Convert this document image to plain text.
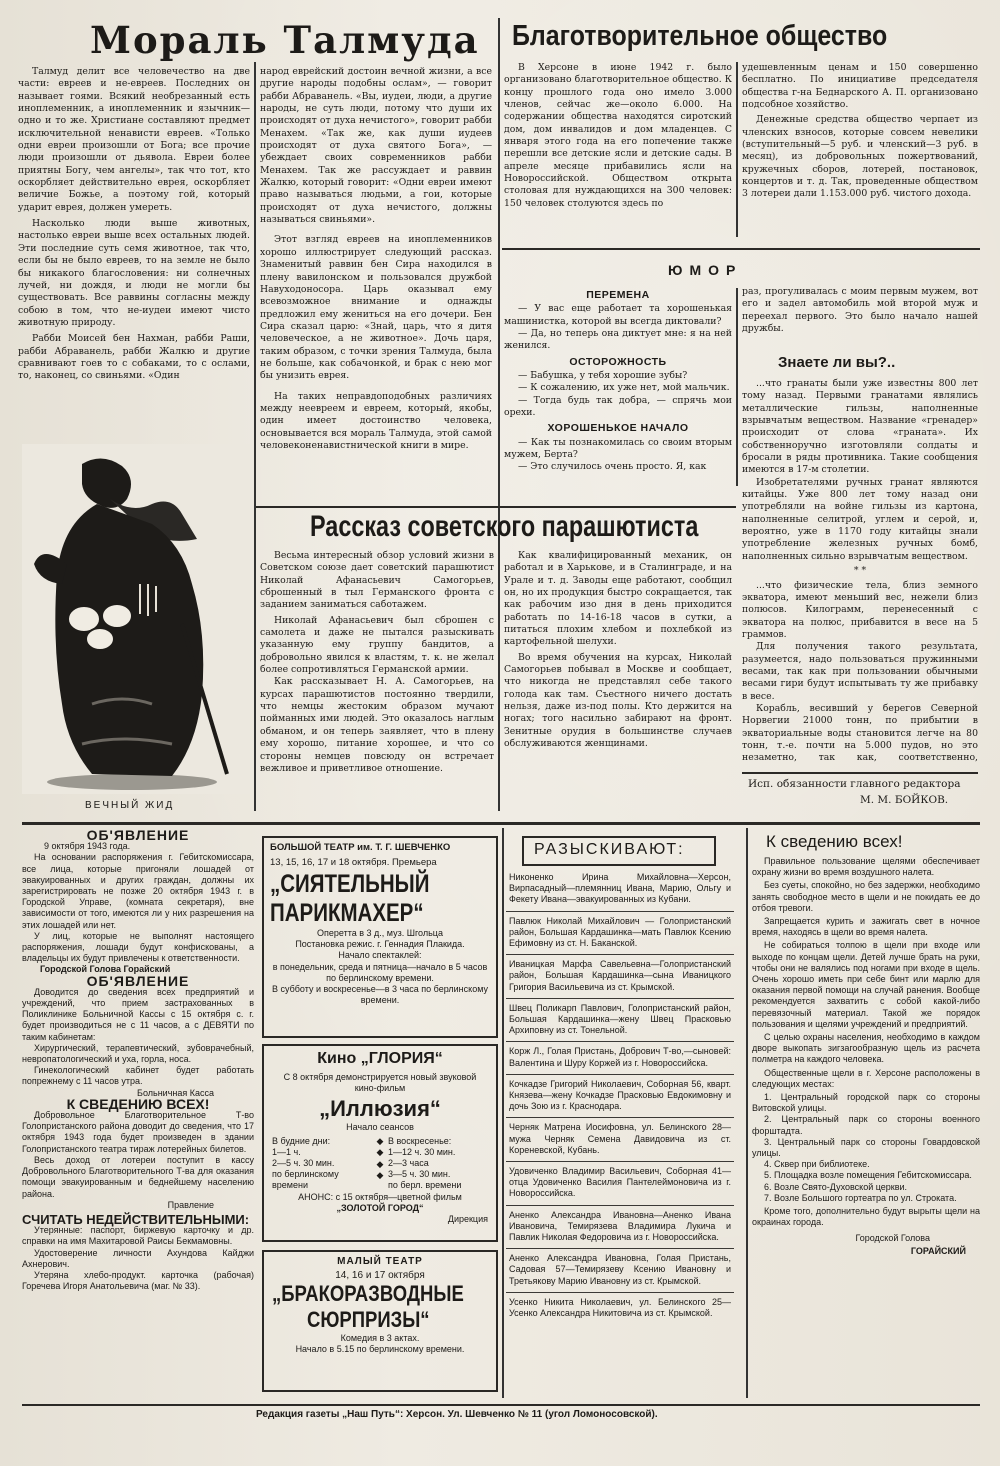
Мораль Талмуда

Талмуд делит все человечество на две части: евреев и не-евреев. Последних он называет гоями. Всякий необрезанный есть иноплеменник, а иноплеменник и язычник—одно и то же. Христиане составляют предмет исключительной ненависти евреев. «Только одни евреи произошли от Бога; все прочие люди произошли от дьявола. Евреи более приятны Богу, чем ангелы», так что тот, кто оскорбляет действительно еврея, оскорбляет величие Божье, а поэтому гой, который ударит еврея, должен умереть.

Насколько люди выше животных, настолько евреи выше всех остальных людей. Эти последние суть семя животное, так что, если бы не было евреев, то на земле не было бы никакого благословения: ни солнечных лучей, ни дождя, и люди не могли бы существовать. Все раввины согласны между собою в том, что не-иудеи имеют чисто животную природу.

Рабби Моисей бен Нахман, рабби Раши, рабби Абраванель, рабби Жалкю и другие сравнивают гоев то с собаками, то с ослами, то, наконец, со свиньями. «Один

народ еврейский достоин вечной жизни, а все другие народы подобны ослам», — говорит рабби Абраванель. «Вы, иудеи, люди, а другие народы, не суть люди, потому что души их происходят от духа нечистого», говорит рабби Менахем. «Так же, как души иудеев происходят от духа святого Бога», — убеждает своих современников рабби Менахем. Так же рассуждает и раввин Жалкю, который говорит: «Одни евреи имеют право называться людьми, а гои, которые происходят от духа нечистого, должны называться свиньями».

Этот взгляд евреев на иноплеменников хорошо иллюстрирует следующий рассказ. Знаменитый раввин бен Сира находился в плену вавилонском и пользовался дружбой Навуходоносора. Царь оказывал ему всевозможное внимание и однажды предложил ему жениться на его дочери. Бен Сира сказал царю: «Знай, царь, что я дитя человеческое, а не животное». Дочь царя, таким образом, с точки зрения Талмуда, была не больше, как собачонкой, и брак с нею мог бы унизить еврея.

На таких неправдоподобных различиях между неевреем и евреем, который, якобы, один имеет достоинство человека, основывается вся мораль Талмуда, этой самой человеконенавистнической книги в мире.

ВЕЧНЫЙ ЖИД
Благотворительное общество

В Херсоне в июне 1942 г. было организовано благотворительное общество. К концу прошлого года оно имело 3.000 членов, сейчас же—около 6.000. На содержании общества находятся сиротский дом, дом инвалидов и дом младенцев. С января этого года на его попечение также перешли все детские ясли и детские сады. В апреле месяце прибавились ясли на Новороссийской. Обществом открыта столовая для нуждающихся на 300 человек: 150 человек столуются здесь по

удешевленным ценам и 150 совершенно бесплатно. По инициативе председателя общества г-на Беднарского А. П. организовано подсобное хозяйство.

Денежные средства общество черпает из членских взносов, которые совсем невелики (вступительный—5 руб. и членский—3 руб. в месяц), из добровольных пожертвований, кружечных сборов, лотерей, постановок, концертов и т. д. Так, проведенные обществом 3 лотереи дали 1.153.000 руб. чистого дохода.

ЮМОР
ПЕРЕМЕНА

— У вас еще работает та хорошенькая машинистка, которой вы всегда диктовали?

— Да, но теперь она диктует мне: я на ней женился.

ОСТОРОЖНОСТЬ

— Бабушка, у тебя хорошие зубы?

— К сожалению, их уже нет, мой мальчик.

— Тогда будь так добра, — спрячь мои орехи.

ХОРОШЕНЬКОЕ НАЧАЛО

— Как ты познакомилась со своим вторым мужем, Берта?

— Это случилось очень просто. Я, как

раз, прогуливалась с моим первым мужем, вот его и задел автомобиль мой второй муж и переехал первого. Это было начало нашей дружбы.

Знаете ли вы?..

...что гранаты были уже известны 800 лет тому назад. Первыми гранатами являлись металлические гильзы, наполненные взрывчатым веществом. Название «гренадер» происходит от слова «граната». Их собственноручно изготовляли солдаты и бросали в ряды противника. Такие сообщения имеются в 17-м столетии.

Изобретателями ручных гранат являются китайцы. Уже 800 лет тому назад они употребляли на войне гильзы из картона, наполненные селитрой, углем и серой, и, вероятно, уже в 1170 году китайцы знали употребление железных ручных бомб, наполненных сильно взрывчатым веществом.

* *

...что физические тела, близ земного экватора, имеют меньший вес, нежели близ полюсов. Килограмм, перенесенный с экватора на полюс, прибавится в весе на 5 граммов.

Для получения такого результата, разумеется, надо пользоваться пружинными весами, так как при пользовании обычными весами гири будут испытывать ту же прибавку в весе.

Корабль, весивший у берегов Северной Норвегии 21000 тонн, по прибытии в экваториальные воды становится легче на 80 тонн, т.-е. почти на 5.000 пудов, но это незаметно, так как, соответственно,

Исп. обязанности главного редактора
М. М. БОЙКОВ.
Рассказ советского парашютиста

Весьма интересный обзор условий жизни в Советском союзе дает советский парашютист Николай Афанасьевич Самогорьев, сброшенный в тыл Германского фронта с заданием заниматься саботажем.

Николай Афанасьевич был сброшен с самолета и даже не пытался разыскивать указанную ему группу бандитов, а добровольно явился к властям, т. к. не желал более сопротивляться Германской армии.

Как рассказывает Н. А. Самогорьев, на курсах парашютистов постоянно твердили, что немцы жестоким образом мучают пойманных ими людей. Это оказалось наглым обманом, и он теперь заявляет, что в плену ему хорошо, питание хорошее, и что со стороны немцев повсюду он встречает вежливое и приветливое отношение.

Как квалифицированный механик, он работал и в Харькове, и в Сталинграде, и на Урале и т. д. Заводы еще работают, сообщил он, но их продукция быстро сокращается, так как рабочим изо дня в день приходится работать по 14-16-18 часов в сутки, а питаться плохим хлебом и похлебкой из картофельной шелухи.

Во время обучения на курсах, Николай Самогорьев побывал в Москве и сообщает, что никогда не представлял себе такого голода как там. Съестного ничего достать нельзя, даже из-под полы. Кто держится на ногах; того насильно забирают на фронт. Зенитные орудия в большинстве случаев обслуживаются женщинами.

ОБ'ЯВЛЕНИЕ
9 октября 1943 года.
На основании распоряжения г. Гебитскомиссара, все лица, которые пригоняли лошадей от эвакуированных и других граждан, должны их зарегистрировать не позже 20 октября 1943 г. в Городской Управе, (комната секретаря), вне зависимости от того, имеются ли у них разрешения на этих лошадей или нет.
У лиц, которые не выполнят настоящего распоряжения, лошади будут конфискованы, а владельцы их будут привлечены к ответственности.
Городской Голова Горайский
ОБ'ЯВЛЕНИЕ
Доводится до сведения всех предприятий и учреждений, что прием застрахованных в Поликлинике Больничной Кассы с 15 октября с. г. будет производиться не с 11 часов, а с ДЕВЯТИ по таким кабинетам:
Хирургический, терапевтический, зубоврачебный, невропатологический и уха, горла, носа.
Гинекологический кабинет будет работать попрежнему с 11 часов утра.
Больничная Касса
К СВЕДЕНИЮ ВСЕХ!
Добровольное Благотворительное Т-во Голопристанского района доводит до сведения, что 17 октября 1943 года будет произведен в здании Голопристанского театра тираж лотерейных билетов.
Весь доход от лотереи поступит в кассу Добровольного Благотворительного Т-ва для оказания помощи эвакуированным и беднейшему населению района.
Правление
СЧИТАТЬ НЕДЕЙСТВИТЕЛЬНЫМИ:
Утерянные: паспорт, биржевую карточку и др. справки на имя Махитаровой Раисы Бекмамовны.
Удостоверение личности Ахундова Кайджи Ахнерович.
Утеряна хлебо-продукт. карточка (рабочая) Горечева Игоря Анатольевича (маг. № 33).
БОЛЬШОЙ ТЕАТР им. Т. Г. ШЕВЧЕНКО
13, 15, 16, 17 и 18 октября. Премьера
„СИЯТЕЛЬНЫЙ
ПАРИКМАХЕР“
Оперетта в 3 д., муз. Шгольца
Постановка режис. г. Геннадия Плакида.
Начало спектаклей:
в понедельник, среда и пятница—начало в 5 часов по берлинскому времени.
В субботу и воскресенье—в 3 часа по берлинскому времени.
Кино „ГЛОРИЯ“
С 8 октября демонстрируется новый звуковой кино-фильм
„Иллюзия“
Начало сеансов
В будние дни:
1—1 ч.
2—5 ч. 30 мин.
по берлинскому времени
◆
◆
◆
◆
В воскресенье:
1—12 ч. 30 мин.
2—3 часа
3—5 ч. 30 мин.
по берл. времени
АНОНС: с 15 октября—цветной фильм
„ЗОЛОТОЙ ГОРОД“
Дирекция
МАЛЫЙ ТЕАТР
14, 16 и 17 октября
„БРАКОРАЗВОДНЫЕ
СЮРПРИЗЫ“
Комедия в 3 актах.
Начало в 5.15 по берлинскому времени.
РАЗЫСКИВАЮТ:
Никоненко Ирина Михайловна—Херсон, Вирпасадный—племянниц Ивана, Марию, Ольгу и Фекету Ивана—эвакуированных из Кубани.
Павлюк Николай Михайлович — Голопристанский район, Большая Кардашинка—мать Павлюк Ксению Ефимовну из ст. Н. Баканской.
Иваницкая Марфа Савельевна—Голопристанский район, Большая Кардашинка—сына Иваницкого Григория Васильевича из ст. Крымской.
Швец Поликарп Павлович, Голопристанский район, Большая Кардашинка—жену Швец Прасковью Архиповну из ст. Тонельной.
Корж Л., Голая Пристань, Добрович Т-во,—сыновей: Валентина и Шуру Коржей из г. Новороссийска.
Кочкадзе Григорий Николаевич, Соборная 56, кварт. Князева—жену Кочкадзе Прасковью Евдокимовну и дочь Зою из г. Краснодара.
Черняк Матрена Иосифовна, ул. Белинского 28—мужа Черняк Семена Давидовича из ст. Кореневской, Кубань.
Удовиченко Владимир Васильевич, Соборная 41—отца Удовиченко Василия Пантелеймоновича из г. Новороссийска.
Аненко Александра Ивановна—Аненко Ивана Ивановича, Темирязева Владимира Лукича и Павлик Николая Федоровича из г. Новороссийска.
Аненко Александра Ивановна, Голая Пристань, Садовая 57—Темирязеву Ксению Ивановну и Третьякову Марию Ивановну из ст. Крымской.
Усенко Никита Николаевич, ул. Белинского 25—Усенко Александра Никитовича из ст. Крымской.
К сведению всех!
Правильное пользование щелями обеспечивает охрану жизни во время воздушного налета.
Без суеты, спокойно, но без задержки, необходимо занять свободное место в щели и не покидать ее до отбоя тревоги.
Запрещается курить и зажигать свет в ночное время, находясь в щели во время налета.
Не собираться толпою в щели при входе или выходе по концам щели. Детей лучше брать на руки, чтобы они не валялись под ногами при входе в щель. Очень хорошо иметь при себе бинт или марлю для оказания первой помощи на случай ранения. Вообще рекомендуется захватить с собой какой-либо перевязочный материал. Такой же порядок пользования и щелями учреждений и предприятий.
С целью охраны населения, необходимо в каждом дворе выкопать зигзагообразную щель из расчета полметра на каждого человека.
Общественные щели в г. Херсоне расположены в следующих местах:
1. Центральный городской парк со стороны Витовской улицы.
2. Центральный парк со стороны военного форштадта.
3. Центральный парк со стороны Говардовской улицы.
4. Сквер при библиотеке.
5. Площадка возле помещения Гебитскомиссара.
6. Возле Свято-Духовской церкви.
7. Возле Большого гортеатра по ул. Строката.
Кроме того, дополнительно будут вырыты щели на окраинах города.
Городской Голова
ГОРАЙСКИЙ
Редакция газеты „Наш Путь“: Херсон. Ул. Шевченко № 11 (угол Ломоносовской).
